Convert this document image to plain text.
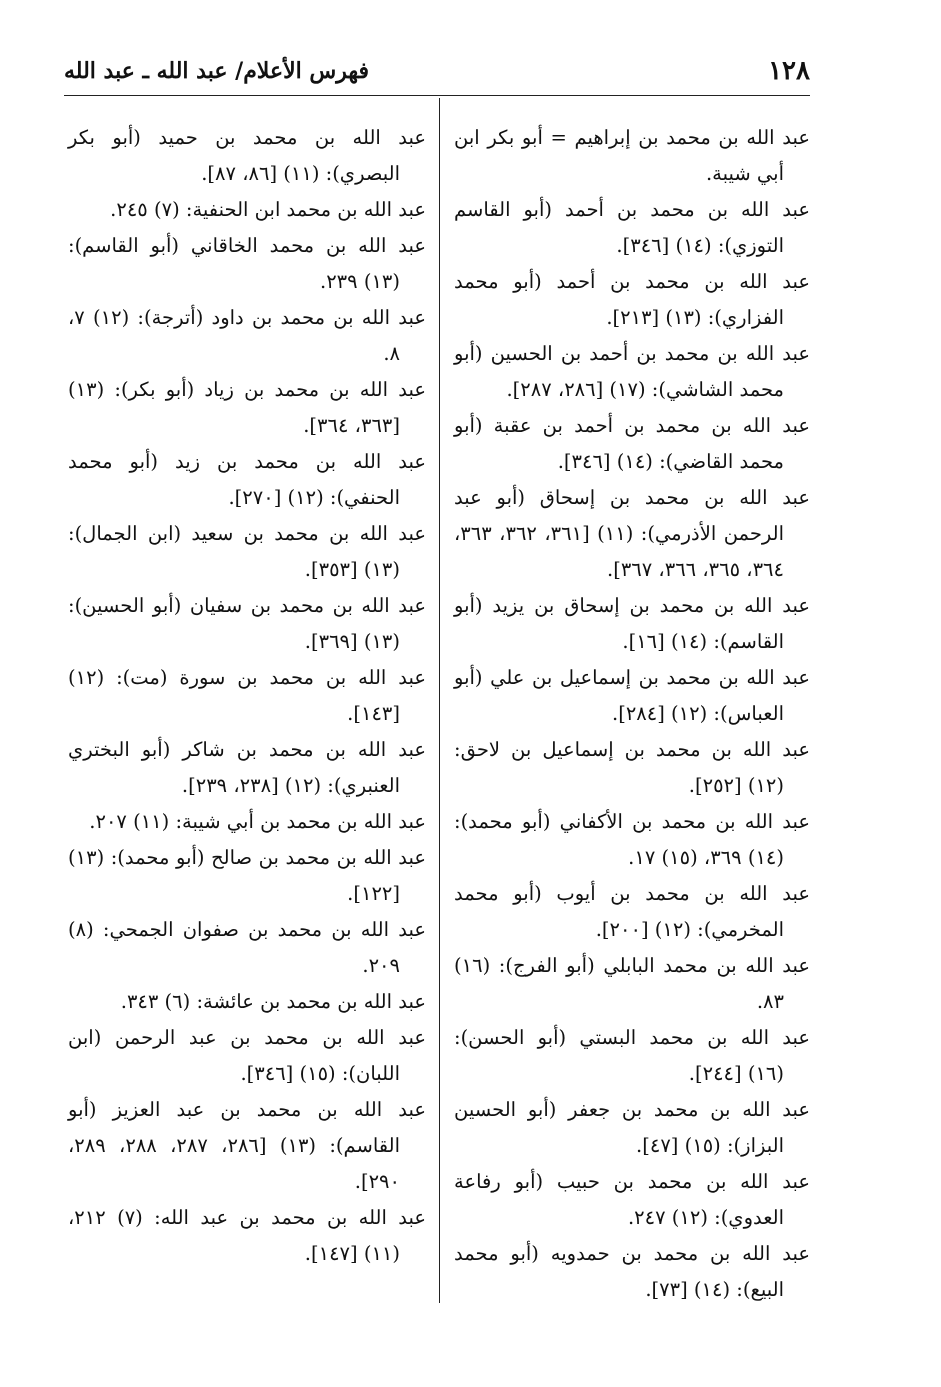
١٢٨
فهرس الأعلام/ عبد الله ـ عبد الله
عبد الله بن محمد بن إبراهيم = أبو بكر ابن أبي شيبة.
عبد الله بن محمد بن أحمد (أبو القاسم التوزي): (١٤) [٣٤٦].
عبد الله بن محمد بن أحمد (أبو محمد الفزاري): (١٣) [٢١٣].
عبد الله بن محمد بن أحمد بن الحسين (أبو محمد الشاشي): (١٧) [٢٨٦، ٢٨٧].
عبد الله بن محمد بن أحمد بن عقبة (أبو محمد القاضي): (١٤) [٣٤٦].
عبد الله بن محمد بن إسحاق (أبو عبد الرحمن الأذرمي): (١١) [٣٦١، ٣٦٢، ٣٦٣، ٣٦٤، ٣٦٥، ٣٦٦، ٣٦٧].
عبد الله بن محمد بن إسحاق بن يزيد (أبو القاسم): (١٤) [١٦].
عبد الله بن محمد بن إسماعيل بن علي (أبو العباس): (١٢) [٢٨٤].
عبد الله بن محمد بن إسماعيل بن لاحق: (١٢) [٢٥٢].
عبد الله بن محمد بن الأكفاني (أبو محمد): (١٤) ٣٦٩، (١٥) ١٧.
عبد الله بن محمد بن أيوب (أبو محمد المخرمي): (١٢) [٢٠٠].
عبد الله بن محمد البابلي (أبو الفرج): (١٦) ٨٣.
عبد الله بن محمد البستي (أبو الحسن): (١٦) [٢٤٤].
عبد الله بن محمد بن جعفر (أبو الحسين البزاز): (١٥) [٤٧].
عبد الله بن محمد بن حبيب (أبو رفاعة العدوي): (١٢) ٢٤٧.
عبد الله بن محمد بن حمدويه (أبو محمد البيع): (١٤) [٧٣].
عبد الله بن محمد بن حميد (أبو بكر البصري): (١١) [٨٦، ٨٧].
عبد الله بن محمد ابن الحنفية: (٧) ٢٤٥.
عبد الله بن محمد الخاقاني (أبو القاسم): (١٣) ٢٣٩.
عبد الله بن محمد بن داود (أترجة): (١٢) ٧، ٨.
عبد الله بن محمد بن زياد (أبو بكر): (١٣) [٣٦٣، ٣٦٤].
عبد الله بن محمد بن زيد (أبو محمد الحنفي): (١٢) [٢٧٠].
عبد الله بن محمد بن سعيد (ابن الجمال): (١٣) [٣٥٣].
عبد الله بن محمد بن سفيان (أبو الحسين): (١٣) [٣٦٩].
عبد الله بن محمد بن سورة (مت): (١٢) [١٤٣].
عبد الله بن محمد بن شاكر (أبو البختري العنبري): (١٢) [٢٣٨، ٢٣٩].
عبد الله بن محمد بن أبي شيبة: (١١) ٢٠٧.
عبد الله بن محمد بن صالح (أبو محمد): (١٣) [١٢٢].
عبد الله بن محمد بن صفوان الجمحي: (٨) ٢٠٩.
عبد الله بن محمد بن عائشة: (٦) ٣٤٣.
عبد الله بن محمد بن عبد الرحمن (ابن اللبان): (١٥) [٣٤٦].
عبد الله بن محمد بن عبد العزيز (أبو القاسم): (١٣) [٢٨٦، ٢٨٧، ٢٨٨، ٢٨٩، ٢٩٠].
عبد الله بن محمد بن عبد الله: (٧) ٢١٢، (١١) [١٤٧].
